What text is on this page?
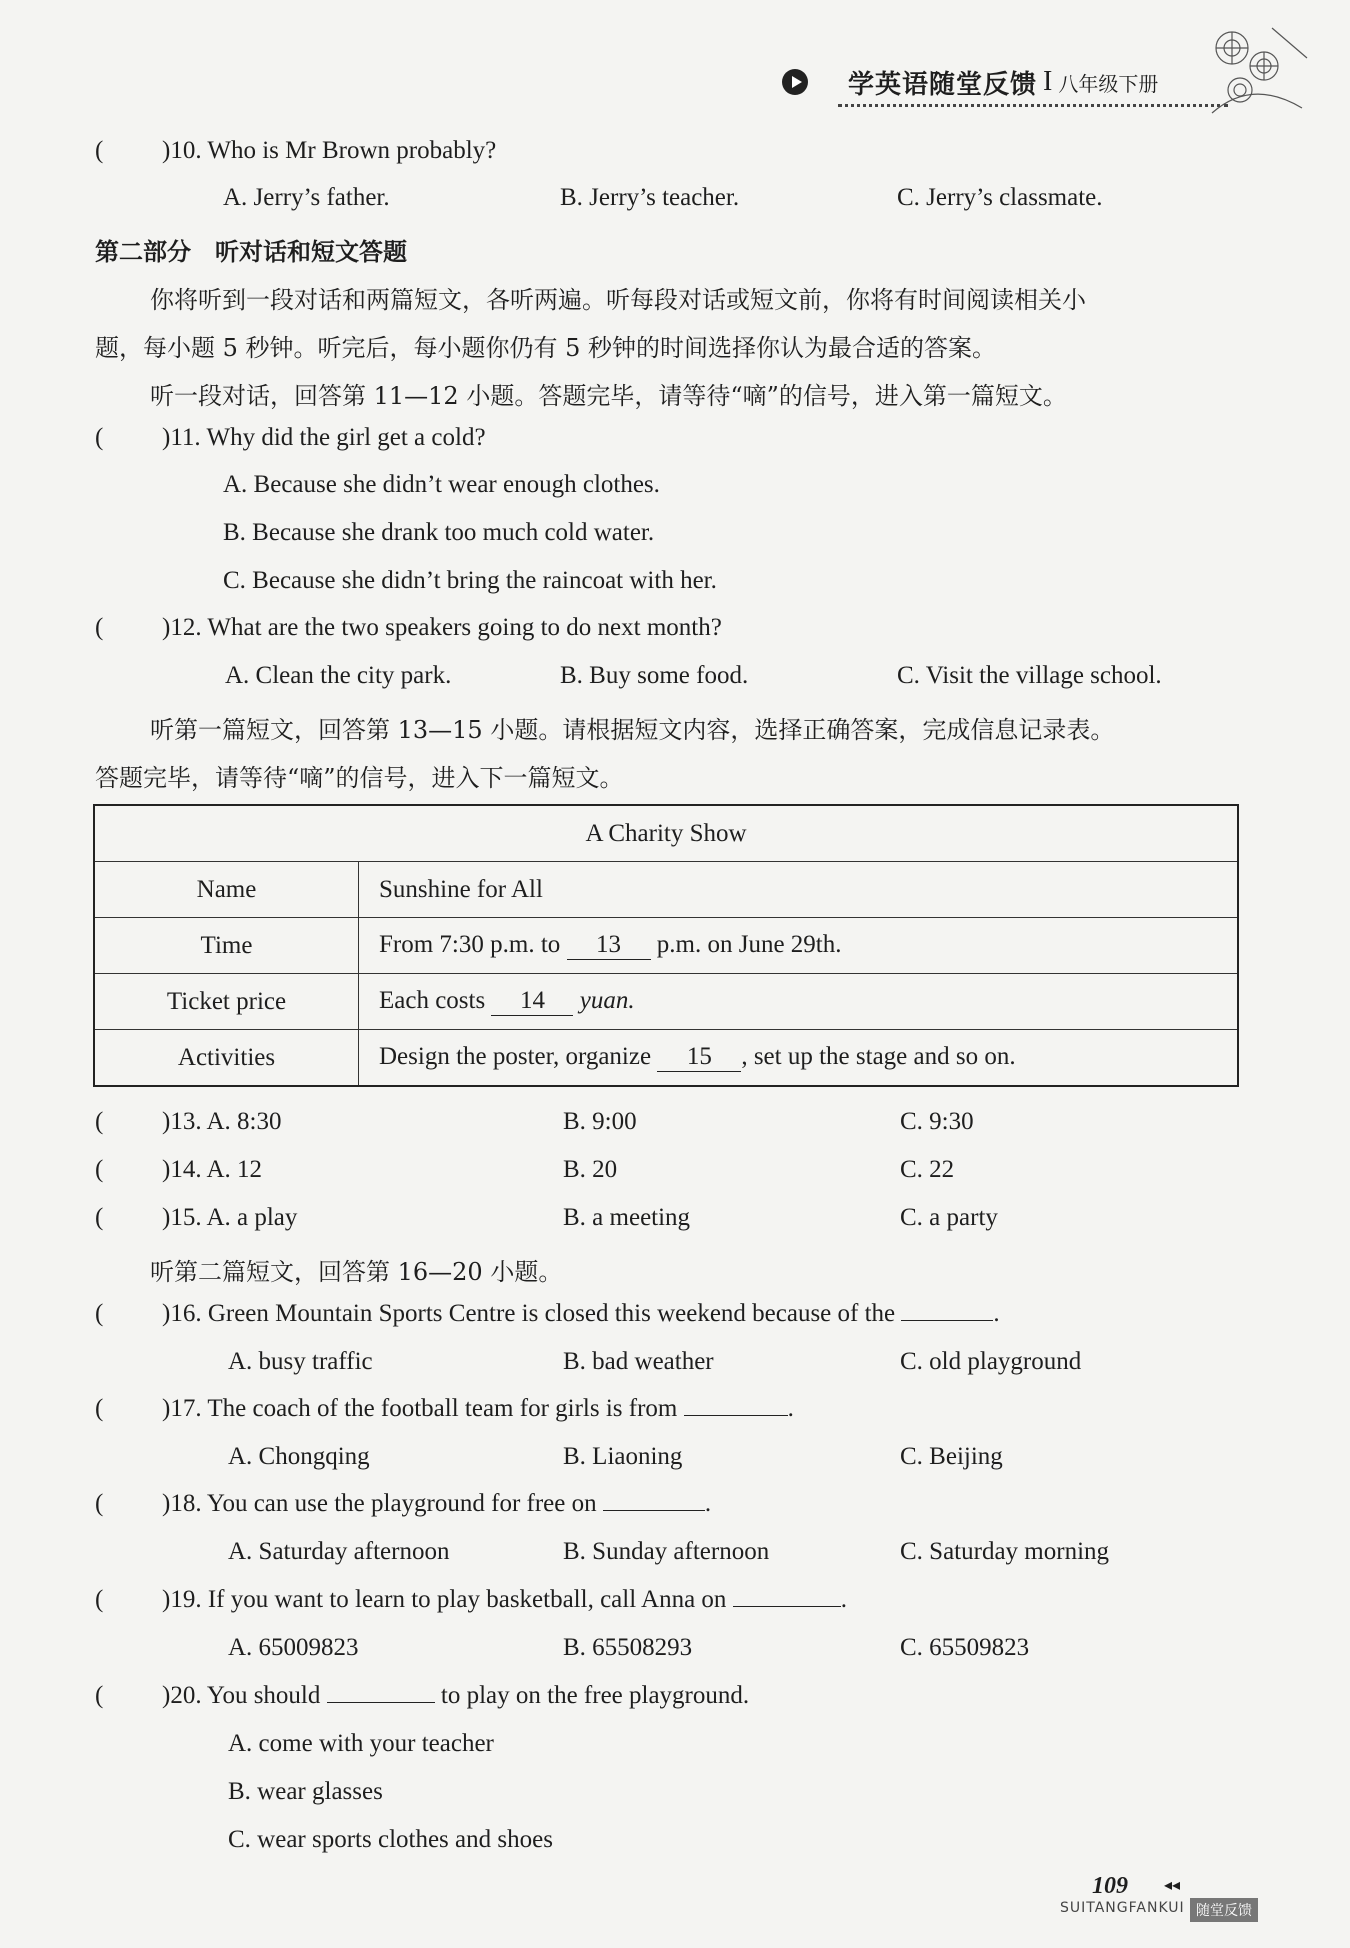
学英语随堂反馈 I 八年级下册
( )10. Who is Mr Brown probably?
A. Jerry’s father.	B. Jerry’s teacher.	C. Jerry’s classmate.
第二部分　听对话和短文答题
你将听到一段对话和两篇短文，各听两遍。听每段对话或短文前，你将有时间阅读相关小
题，每小题 5 秒钟。听完后，每小题你仍有 5 秒钟的时间选择你认为最合适的答案。
听一段对话，回答第 11—12 小题。答题完毕，请等待“嘀”的信号，进入第一篇短文。
( )11. Why did the girl get a cold?
A. Because she didn’t wear enough clothes.
B. Because she drank too much cold water.
C. Because she didn’t bring the raincoat with her.
( )12. What are the two speakers going to do next month?
A. Clean the city park.	B. Buy some food.	C. Visit the village school.
听第一篇短文，回答第 13—15 小题。请根据短文内容，选择正确答案，完成信息记录表。
答题完毕，请等待“嘀”的信号，进入下一篇短文。
A Charity Show	
Name	Sunshine for All
Time	From 7:30 p.m. to 13 p.m. on June 29th.
Ticket price	Each costs 14 yuan.
Activities	Design the poster, organize 15 , set up the stage and so on.
( )13. A. 8:30	B. 9:00	C. 9:30
( )14. A. 12	B. 20	C. 22
( )15. A. a play	B. a meeting	C. a party
听第二篇短文，回答第 16—20 小题。
( )16. Green Mountain Sports Centre is closed this weekend because of the	.
A. busy traffic	B. bad weather	C. old playground
( )17. The coach of the football team for girls is from	.
A. Chongqing	B. Liaoning	C. Beijing
( )18. You can use the playground for free on	.
A. Saturday afternoon	B. Sunday afternoon	C. Saturday morning
( )19. If you want to learn to play basketball, call Anna on	.
A. 65009823	B. 65508293	C. 65509823
( )20. You should	to play on the free playground.
A. come with your teacher
B. wear glasses
C. wear sports clothes and shoes
109 ◂◂
SUITANGFANKUI 随堂反馈
